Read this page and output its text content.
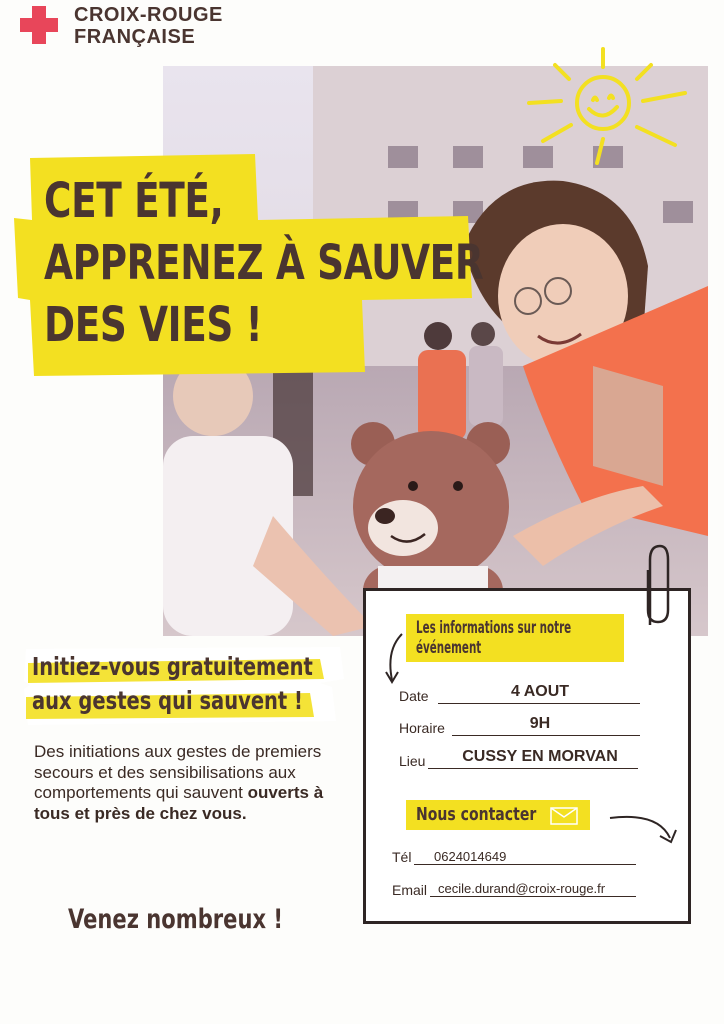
CROIX-ROUGE
FRANÇAISE
CET ÉTÉ,
APPRENEZ À SAUVER
DES VIES !
Initiez-vous gratuitement
aux gestes qui sauvent !
Des initiations aux gestes de premiers secours et des sensibilisations aux comportements qui sauvent ouverts à tous et près de chez vous.
Venez nombreux !
Les informations sur notre
événement
Date	4 AOUT
Horaire	9H
Lieu	CUSSY EN MORVAN
Nous contacter
Tél 0624014649
Email cecile.durand@croix-rouge.fr
